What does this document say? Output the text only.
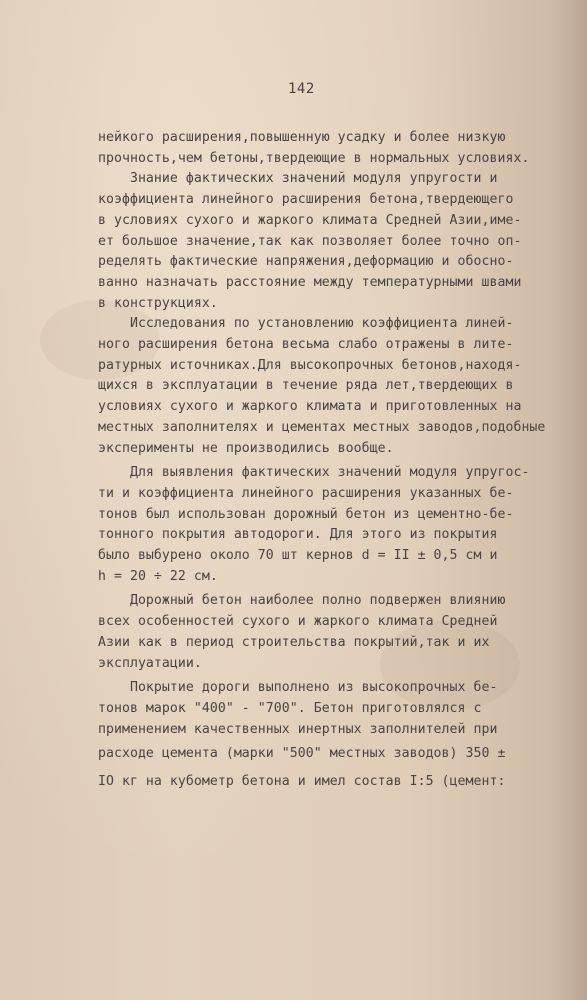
142
нейкого расширения,повышенную усадку и более низкую
прочность,чем бетоны,твердеющие в нормальных условиях.
Знание фактических значений модуля упругости и
коэффициента линейного расширения бетона,твердеющего
в условиях сухого и жаркого климата Средней Азии,име-
ет большое значение,так как позволяет более точно оп-
ределять фактические напряжения,деформацию и обосно-
ванно назначать расстояние между температурными швами
в конструкциях.
Исследования по установлению коэффициента линей-
ного расширения бетона весьма слабо отражены в лите-
ратурных источниках.Для высокопрочных бетонов,находя-
щихся в эксплуатации в течение ряда лет,твердеющих в
условиях сухого и жаркого климата и приготовленных на
местных заполнителях и цементах местных заводов,подобные
эксперименты не производились вообще.
Для выявления фактических значений модуля упругос-
ти и коэффициента линейного расширения указанных бе-
тонов был использован дорожный бетон из цементно-бе-
тонного покрытия автодороги. Для этого из покрытия
было выбурено около 70 шт кернов d = II ± 0,5 см и
h = 20 ÷ 22 см.
Дорожный бетон наиболее полно подвержен влиянию
всех особенностей сухого и жаркого климата Средней
Азии как в период строительства покрытий,так и их
эксплуатации.
Покрытие дороги выполнено из высокопрочных бе-
тонов марок "400" - "700". Бетон приготовлялся с
применением качественных инертных заполнителей при
расходе цемента (марки "500" местных заводов) 350 ±
IO кг на кубометр бетона и имел состав I:5 (цемент:
